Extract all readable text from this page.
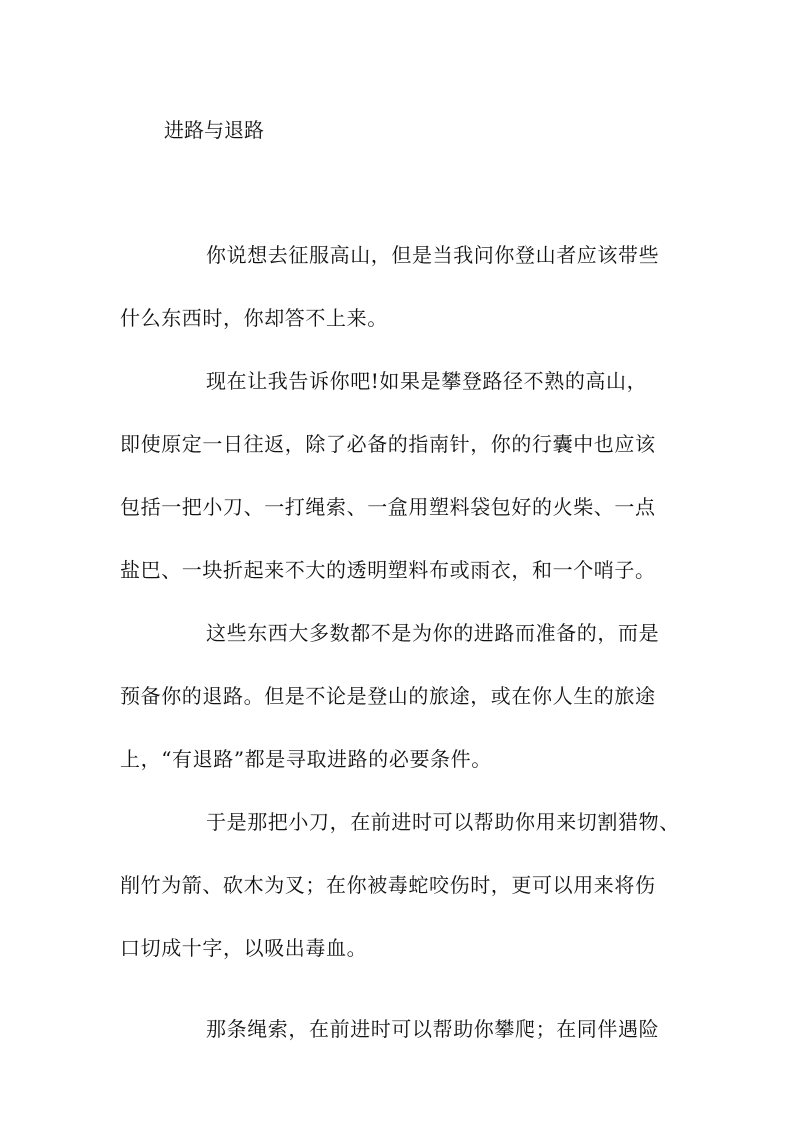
进路与退路
你说想去征服高山，但是当我问你登山者应该带些
什么东西时，你却答不上来。
现在让我告诉你吧!如果是攀登路径不熟的高山，
即使原定一日往返，除了必备的指南针，你的行囊中也应该
包括一把小刀、一打绳索、一盒用塑料袋包好的火柴、一点
盐巴、一块折起来不大的透明塑料布或雨衣，和一个哨子。
这些东西大多数都不是为你的进路而准备的，而是
预备你的退路。但是不论是登山的旅途，或在你人生的旅途
上，“有退路”都是寻取进路的必要条件。
于是那把小刀，在前进时可以帮助你用来切割猎物、
削竹为箭、砍木为叉；在你被毒蛇咬伤时，更可以用来将伤
口切成十字，以吸出毒血。
那条绳索，在前进时可以帮助你攀爬；在同伴遇险
